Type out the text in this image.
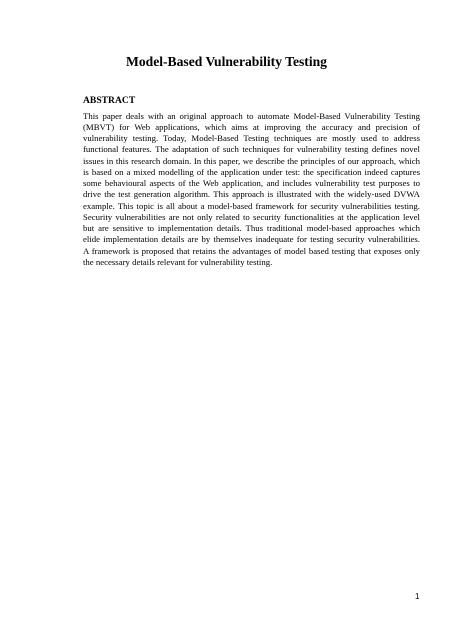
Model-Based Vulnerability Testing
ABSTRACT

This paper deals with an original approach to automate Model-Based Vulnerability Testing
(MBVT) for Web applications, which aims at improving the accuracy and precision of
vulnerability testing. Today, Model-Based Testing techniques are mostly used to address
functional features. The adaptation of such techniques for vulnerability testing defines novel
issues in this research domain. In this paper, we describe the principles of our approach, which
is based on a mixed modelling of the application under test: the specification indeed captures
some behavioural aspects of the Web application, and includes vulnerability test purposes to
drive the test generation algorithm. This approach is illustrated with the widely-used DVWA
example. This topic is all about a model-based framework for security vulnerabilities testing.
Security vulnerabilities are not only related to security functionalities at the application level
but are sensitive to implementation details. Thus traditional model-based approaches which
elide implementation details are by themselves inadequate for testing security vulnerabilities.
A framework is proposed that retains the advantages of model based testing that exposes only
the necessary details relevant for vulnerability testing.

1
